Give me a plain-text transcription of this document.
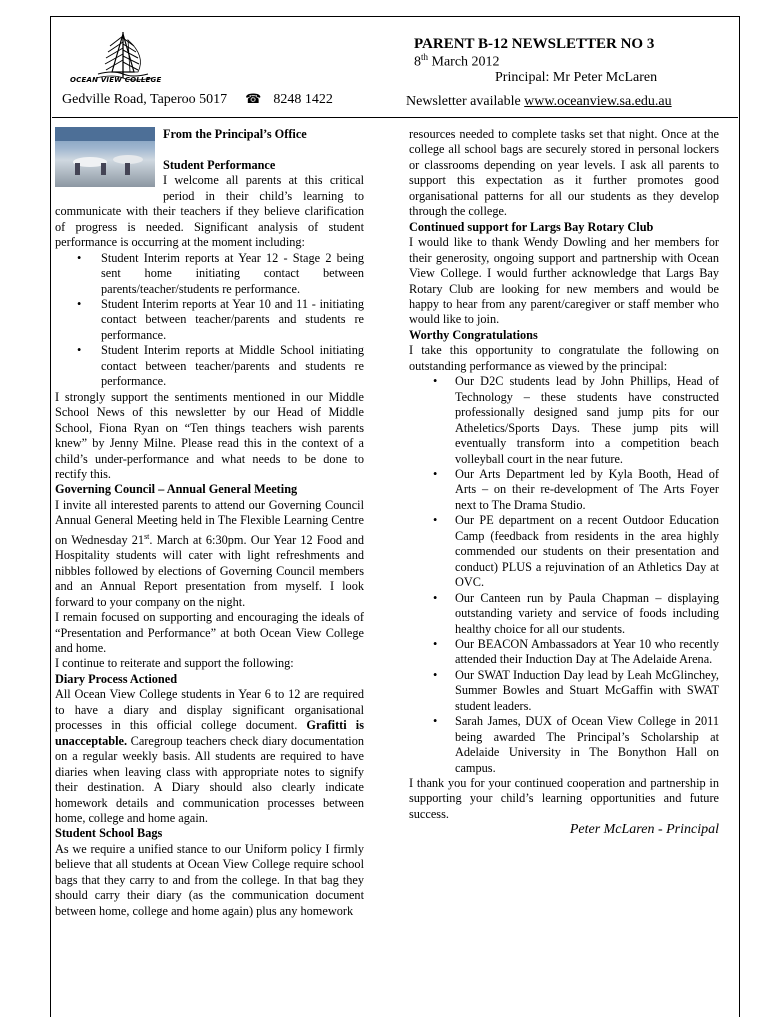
OCEAN VIEW COLLEGE
Gedville Road, Taperoo 5017 ☎ 8248 1422
PARENT B-12 NEWSLETTER NO 3
8th March 2012
Principal: Mr Peter McLaren
Newsletter available www.oceanview.sa.edu.au
From the Principal’s Office
Student Performance

I welcome all parents at this critical period in their child’s learning to communicate with their teachers if they believe clarification of progress is needed. Significant analysis of student performance is occurring at the moment including:

• Student Interim reports at Year 12 - Stage 2 being sent home initiating contact between parents/teacher/students re performance.
• Student Interim reports at Year 10 and 11 - initiating contact between teacher/parents and students re performance.
• Student Interim reports at Middle School initiating contact between teacher/parents and students re performance.

I strongly support the sentiments mentioned in our Middle School News of this newsletter by our Head of Middle School, Fiona Ryan on “Ten things teachers wish parents knew” by Jenny Milne. Please read this in the context of a child’s under-performance and what needs to be done to rectify this.

Governing Council – Annual General Meeting

I invite all interested parents to attend our Governing Council Annual General Meeting held in The Flexible Learning Centre on Wednesday 21st. March at 6:30pm. Our Year 12 Food and Hospitality students will cater with light refreshments and nibbles followed by elections of Governing Council members and an Annual Report presentation from myself. I look forward to your company on the night.

I remain focused on supporting and encouraging the ideals of “Presentation and Performance” at both Ocean View College and home.

I continue to reiterate and support the following:

Diary Process Actioned

All Ocean View College students in Year 6 to 12 are required to have a diary and display significant organisational processes in this official college document. Grafitti is unacceptable. Caregroup teachers check diary documentation on a regular weekly basis. All students are required to have diaries when leaving class with appropriate notes to signify their destination. A Diary should also clearly indicate homework details and communication processes between home, college and home again.

Student School Bags

As we require a unified stance to our Uniform policy I firmly believe that all students at Ocean View College require school bags that they carry to and from the college. In that bag they should carry their diary (as the communication document between home, college and home again) plus any homework

resources needed to complete tasks set that night. Once at the college all school bags are securely stored in personal lockers or classrooms depending on year levels. I ask all parents to support this expectation as it further promotes good organisational patterns for all our students as they develop through the college.

Continued support for Largs Bay Rotary Club

I would like to thank Wendy Dowling and her members for their generosity, ongoing support and partnership with Ocean View College. I would further acknowledge that Largs Bay Rotary Club are looking for new members and would be happy to hear from any parent/caregiver or staff member who would like to join.

Worthy Congratulations

I take this opportunity to congratulate the following on outstanding performance as viewed by the principal:

• Our D2C students lead by John Phillips, Head of Technology – these students have constructed professionally designed sand jump pits for our Atheletics/Sports Days. These jump pits will eventually transform into a competition beach volleyball court in the near future.
• Our Arts Department led by Kyla Booth, Head of Arts – on their re-development of The Arts Foyer next to The Drama Studio.
• Our PE department on a recent Outdoor Education Camp (feedback from residents in the area highly commended our students on their presentation and conduct) PLUS a rejuvination of an Athletics Day at OVC.
• Our Canteen run by Paula Chapman – displaying outstanding variety and service of foods including healthy choice for all our students.
• Our BEACON Ambassadors at Year 10 who recently attended their Induction Day at The Adelaide Arena.
• Our SWAT Induction Day lead by Leah McGlinchey, Summer Bowles and Stuart McGaffin with SWAT student leaders.
• Sarah James, DUX of Ocean View College in 2011 being awarded The Principal’s Scholarship at Adelaide University in The Bonython Hall on campus.

I thank you for your continued cooperation and partnership in supporting your child’s learning opportunities and future success.

Peter McLaren - Principal
